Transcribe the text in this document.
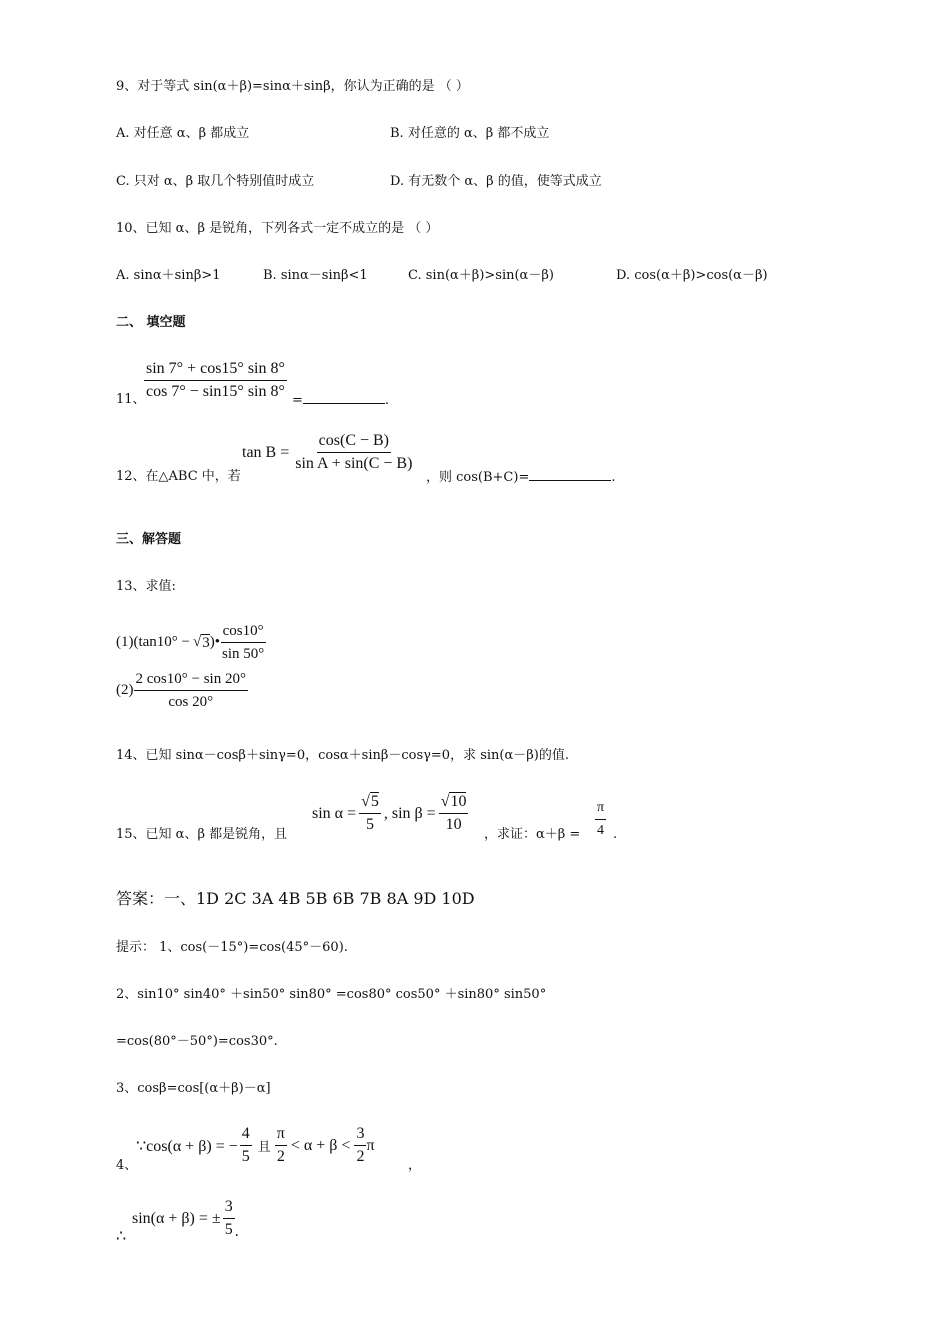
9、对于等式 sin(α＋β)=sinα＋sinβ，你认为正确的是 （ ）
A. 对任意 α、β 都成立	B. 对任意的 α、β 都不成立
C. 只对 α、β 取几个特别值时成立	D. 有无数个 α、β 的值，使等式成立
10、已知 α、β 是锐角，下列各式一定不成立的是 （ ）
A. sinα＋sinβ>1	B. sinα－sinβ<1	C. sin(α＋β)>sin(α－β)	D. cos(α＋β)>cos(α－β)
二、 填空题
11、
$\frac{\sin 7^\circ + \cos 15^\circ \sin 8^\circ}{\cos 7^\circ - \sin 15^\circ \sin 8^\circ}$ =	.
12、在△ABC 中，若
$\tan B = \frac{\cos(C - B)}{\text{sin A + sin(C − B)}}$
，则 cos(B+C)=	.
三、解答题
13、求值:
(1)(tan10° − √ 3 )• $\frac{\cos 10^\circ}{\sin 50^\circ}$
$(2) \frac{2 \cos 10^\circ - \sin 20^\circ}{\cos 20^\circ}$
14、已知 sinα－cosβ＋sinγ=0，cosα＋sinβ－cosγ=0，求 sin(α－β)的值.
15、已知 α、β 都是锐角，且
$\sin \alpha = \frac{√5}{5}$ , $\sin \beta = \frac{√10}{10}$ ，求证：$\alpha+\beta = \frac{\pi}{4}$ .
答案：一、1D 2C 3A 4B 5B 6B 7B 8A 9D 10D
提示： 1、cos(－15°)=cos(45°－60).
2、sin10° sin40° ＋sin50° sin80° =cos80° cos50° ＋sin80° sin50°
=cos(80°－50°)=cos30°.
3、cosβ=cos[(α＋β)－α]
4、
∵cos(α + β) = − $\frac{4}{5}$ 且 $\frac{\pi}{2} < \alpha + \beta < \frac{3}{2}$ π
，
∴
sin(α + β) = ± $\frac{3}{5}$ .
